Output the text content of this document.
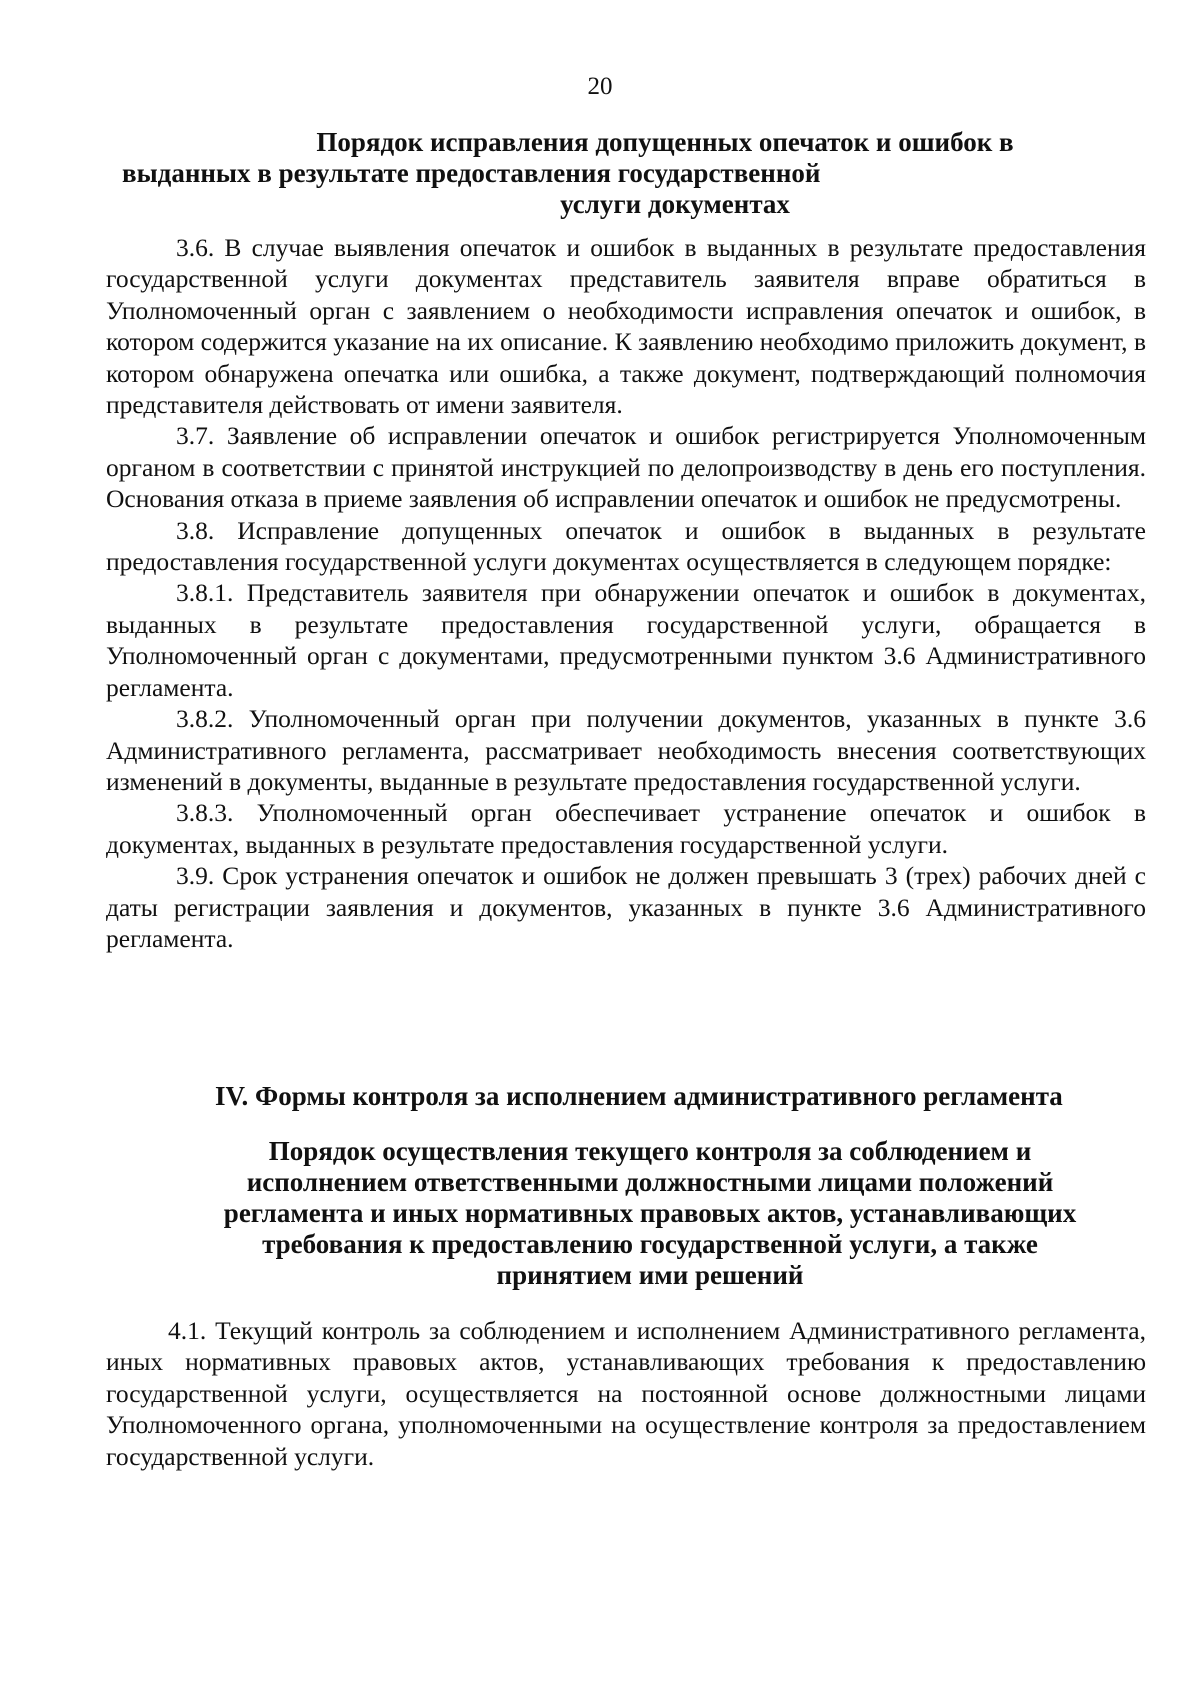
20
Порядок исправления допущенных опечаток и ошибок в
выданных в результате предоставления государственной
услуги документах

3.6. В случае выявления опечаток и ошибок в выданных в результате предоставления государственной услуги документах представитель заявителя вправе обратиться в Уполномоченный орган с заявлением о необходимости исправления опечаток и ошибок, в котором содержится указание на их описание. К заявлению необходимо приложить документ, в котором обнаружена опечатка или ошибка, а также документ, подтверждающий полномочия представителя действовать от имени заявителя.

3.7. Заявление об исправлении опечаток и ошибок регистрируется Уполномоченным органом в соответствии с принятой инструкцией по делопроизводству в день его поступления. Основания отказа в приеме заявления об исправлении опечаток и ошибок не предусмотрены.

3.8. Исправление допущенных опечаток и ошибок в выданных в результате предоставления государственной услуги документах осуществляется в следующем порядке:

3.8.1. Представитель заявителя при обнаружении опечаток и ошибок в документах, выданных в результате предоставления государственной услуги, обращается в Уполномоченный орган с документами, предусмотренными пунктом 3.6 Административного регламента.

3.8.2. Уполномоченный орган при получении документов, указанных в пункте 3.6 Административного регламента, рассматривает необходимость внесения соответствующих изменений в документы, выданные в результате предоставления государственной услуги.

3.8.3. Уполномоченный орган обеспечивает устранение опечаток и ошибок в документах, выданных в результате предоставления государственной услуги.

3.9. Срок устранения опечаток и ошибок не должен превышать 3 (трех) рабочих дней с даты регистрации заявления и документов, указанных в пункте 3.6 Административного регламента.

IV. Формы контроля за исполнением административного регламента
Порядок осуществления текущего контроля за соблюдением и
исполнением ответственными должностными лицами положений
регламента и иных нормативных правовых актов, устанавливающих
требования к предоставлению государственной услуги, а также
принятием ими решений

4.1. Текущий контроль за соблюдением и исполнением Административного регламента, иных нормативных правовых актов, устанавливающих требования к предоставлению государственной услуги, осуществляется на постоянной основе должностными лицами Уполномоченного органа, уполномоченными на осуществление контроля за предоставлением государственной услуги.
